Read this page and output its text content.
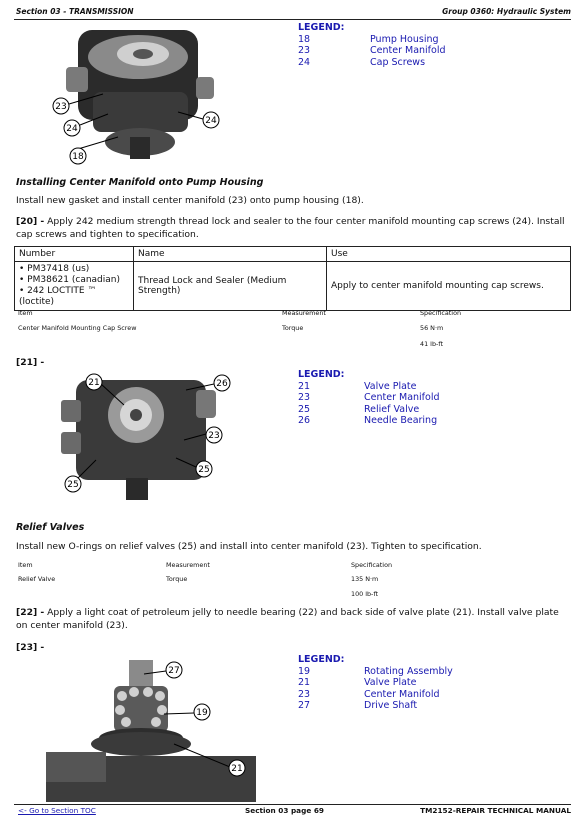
Section 03 - TRANSMISSION	Group 0360: Hydraulic System
23
24
18
24
LEGEND:
18	Pump Housing
23	Center Manifold
24	Cap Screws
Installing Center Manifold onto Pump Housing
Install new gasket and install center manifold (23) onto pump housing (18).
[20] - Apply 242 medium strength thread lock and sealer to the four center manifold mounting cap screws (24). Install cap screws and tighten to specification.
Number	Name	Use

• PM37418 (us)
• PM38621 (canadian)
• 242 LOCTITE ™ (loctite)	Thread Lock and Sealer (Medium Strength)	Apply to center manifold mounting cap screws.
Item	Measurement	Specification
Center Manifold Mounting Cap Screw	Torque	56 N·m
41 lb-ft
[21] -
21	26
23
25
25
LEGEND:
21	Valve Plate
23	Center Manifold
25	Relief Valve
26	Needle Bearing
Relief Valves
Install new O-rings on relief valves (25) and install into center manifold (23). Tighten to specification.
Item	Measurement	Specification
Relief Valve	Torque	135 N·m
100 lb-ft
[22] - Apply a light coat of petroleum jelly to needle bearing (22) and back side of valve plate (21). Install valve plate on center manifold (23).
[23] -
27
19
21
LEGEND:
19	Rotating Assembly
21	Valve Plate
23	Center Manifold
27	Drive Shaft
<- Go to Section TOC	Section 03 page 69	TM2152-REPAIR TECHNICAL MANUAL
